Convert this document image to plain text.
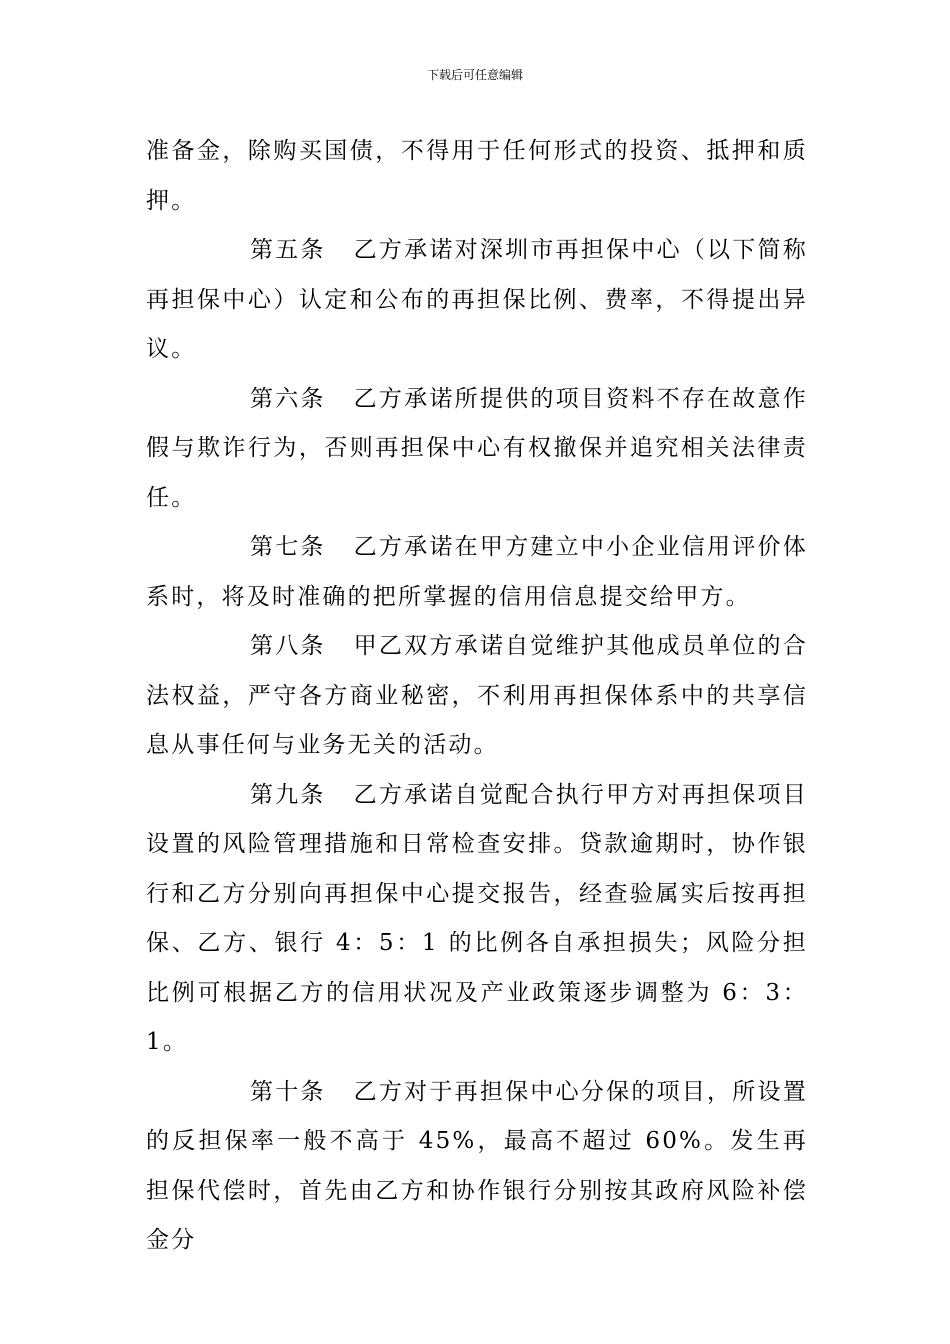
下载后可任意编辑

准备金，除购买国债，不得用于任何形式的投资、抵押和质押。

第五条 乙方承诺对深圳市再担保中心（以下简称再担保中心）认定和公布的再担保比例、费率，不得提出异议。

第六条 乙方承诺所提供的项目资料不存在故意作假与欺诈行为，否则再担保中心有权撤保并追究相关法律责任。

第七条 乙方承诺在甲方建立中小企业信用评价体系时，将及时准确的把所掌握的信用信息提交给甲方。

第八条 甲乙双方承诺自觉维护其他成员单位的合法权益，严守各方商业秘密，不利用再担保体系中的共享信息从事任何与业务无关的活动。

第九条 乙方承诺自觉配合执行甲方对再担保项目设置的风险管理措施和日常检查安排。贷款逾期时，协作银行和乙方分别向再担保中心提交报告，经查验属实后按再担保、乙方、银行 4：5：1 的比例各自承担损失；风险分担比例可根据乙方的信用状况及产业政策逐步调整为 6：3：1。

第十条 乙方对于再担保中心分保的项目，所设置的反担保率一般不高于 45%，最高不超过 60%。发生再担保代偿时，首先由乙方和协作银行分别按其政府风险补偿金分
